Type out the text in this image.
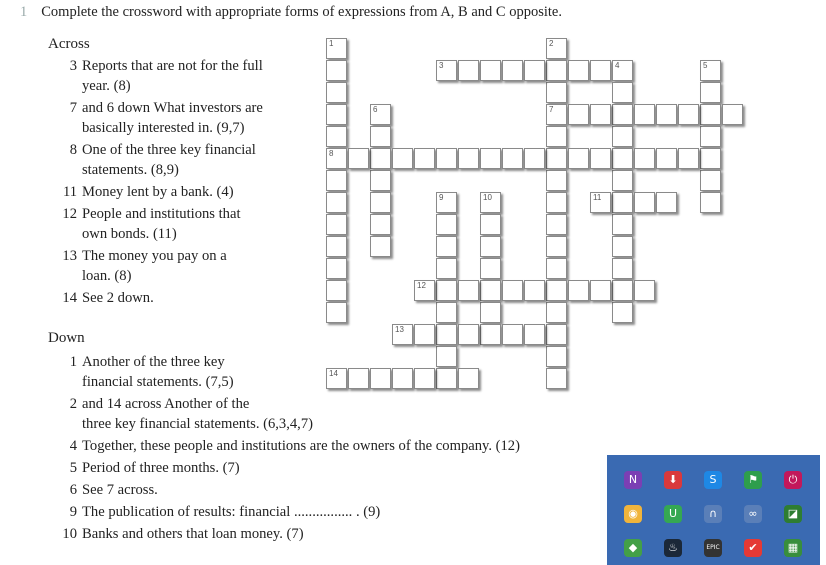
1 Complete the crossword with appropriate forms of expressions from A, B and C opposite.
Across
3 Reports that are not for the full
year. (8)
7 and 6 down What investors are
basically interested in. (9,7)
8 One of the three key financial
statements. (8,9)
11 Money lent by a bank. (4)
12 People and institutions that
own bonds. (11)
13 The money you pay on a
loan. (8)
14 See 2 down.
Down
1 Another of the three key
financial statements. (7,5)
2 and 14 across Another of the
three key financial statements. (6,3,4,7)
4 Together, these people and institutions are the owners of the company. (12)
5 Period of three months. (7)
6 See 7 across.
9 The publication of results: financial ................ . (9)
10 Banks and others that loan money. (7)
1
8
2
7
3	4	5
6
9	10	11
12
13
14
N	⬇	S	⚑	⏻
◉	U	∩	∞	◪
◆	♨	EPIC	✔	▦
